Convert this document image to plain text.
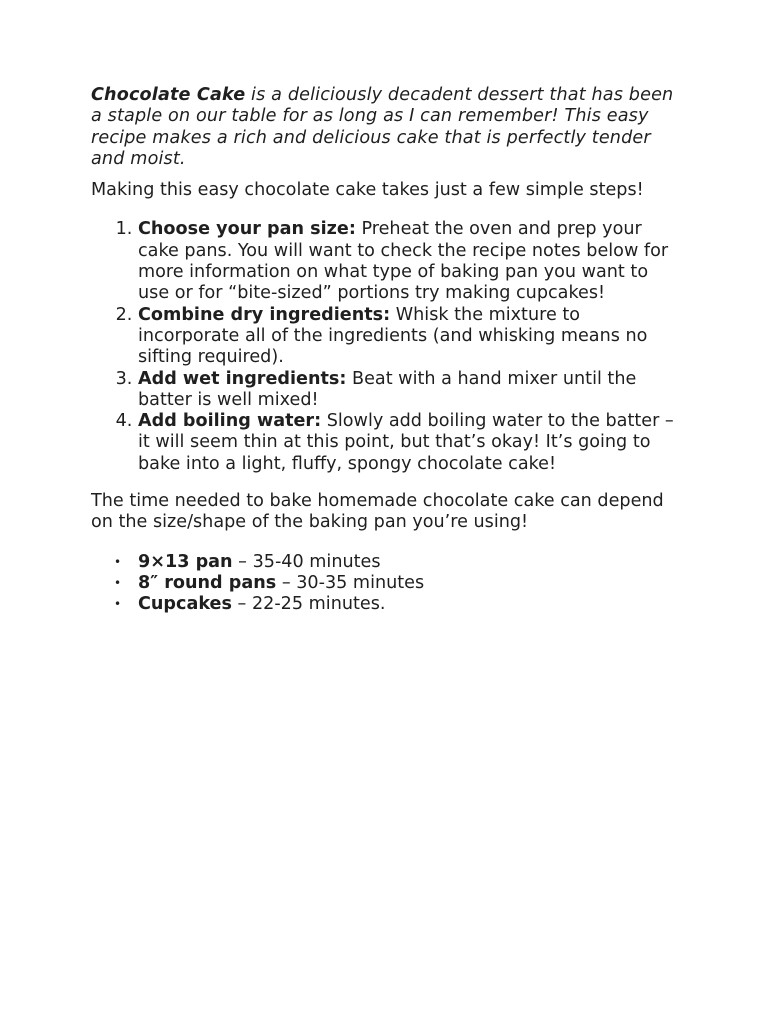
Chocolate Cake is a deliciously decadent dessert that has been a staple on our table for as long as I can remember! This easy recipe makes a rich and delicious cake that is perfectly tender and moist.

Making this easy chocolate cake takes just a few simple steps!

1. Choose your pan size: Preheat the oven and prep your cake pans. You will want to check the recipe notes below for more information on what type of baking pan you want to use or for “bite-sized” portions try making cupcakes!
2. Combine dry ingredients: Whisk the mixture to incorporate all of the ingredients (and whisking means no sifting required).
3. Add wet ingredients: Beat with a hand mixer until the batter is well mixed!
4. Add boiling water: Slowly add boiling water to the batter – it will seem thin at this point, but that’s okay! It’s going to bake into a light, fluffy, spongy chocolate cake!

The time needed to bake homemade chocolate cake can depend on the size/shape of the baking pan you’re using!

• 9×13 pan – 35-40 minutes
• 8″ round pans – 30-35 minutes
• Cupcakes – 22-25 minutes.
